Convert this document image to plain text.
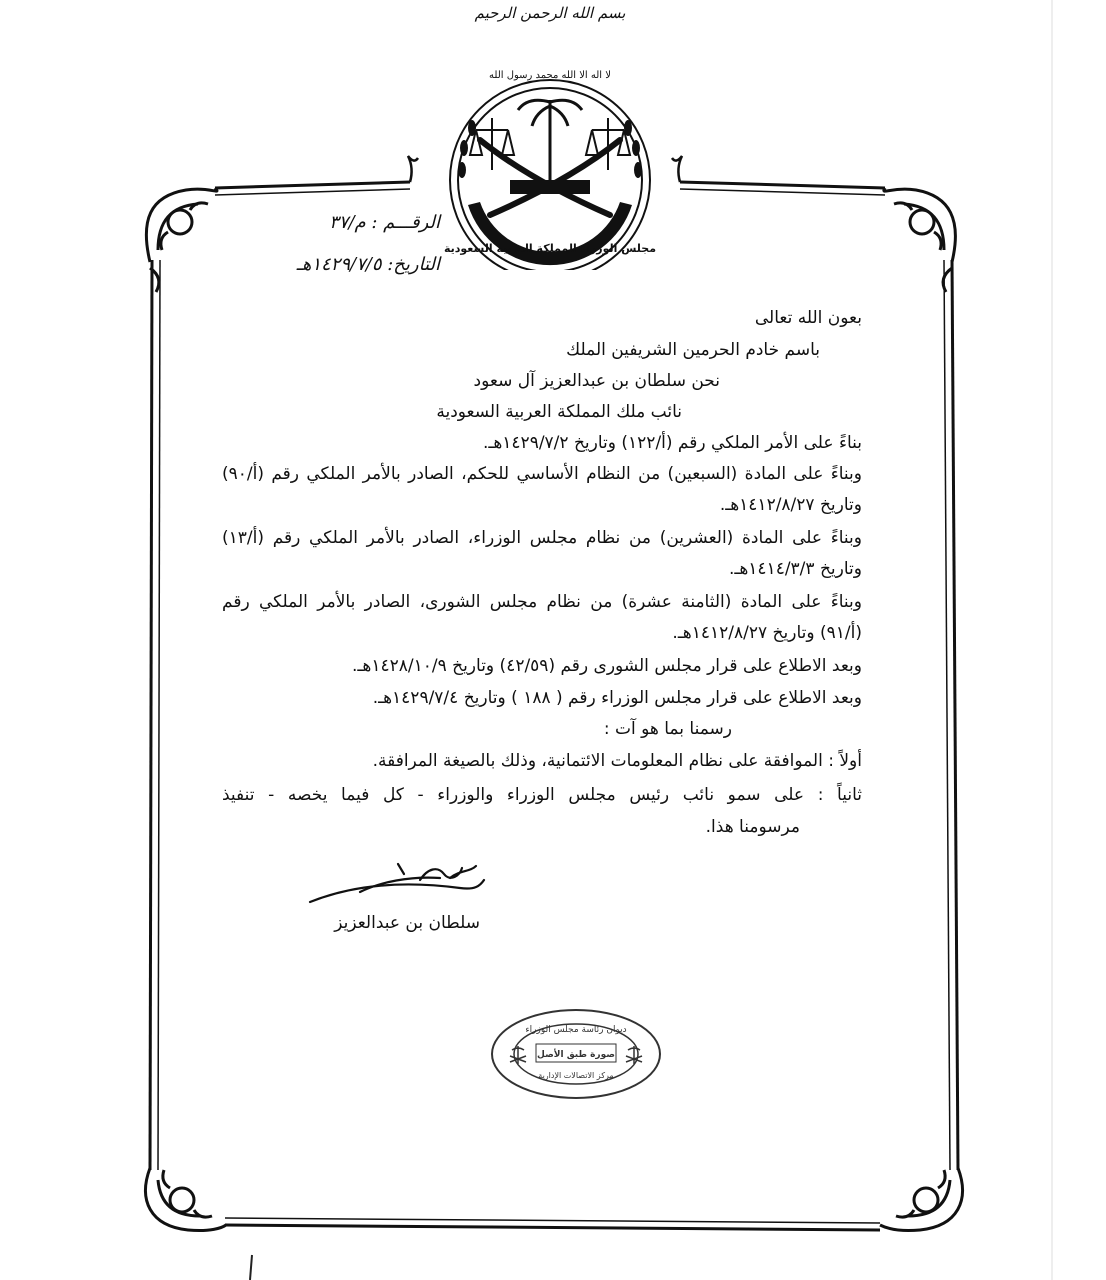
بسم الله الرحمن الرحيم
لا اله الا الله محمد رسول الله
مجلس الوزراء المملكة العربية السعودية
الرقـــم : م/٣٧
التاريخ: ١٤٢٩/٧/٥هـ
بعون الله تعالى
باسم خادم الحرمين الشريفين الملك
نحن سلطان بن عبدالعزيز آل سعود
نائب ملك المملكة العربية السعودية
بناءً على الأمر الملكي رقم (أ/١٢٢) وتاريخ ١٤٢٩/٧/٢هـ.
وبناءً على المادة (السبعين) من النظام الأساسي للحكم، الصادر بالأمر الملكي رقم (أ/٩٠)
وتاريخ ١٤١٢/٨/٢٧هـ.
وبناءً على المادة (العشرين) من نظام مجلس الوزراء، الصادر بالأمر الملكي رقم (أ/١٣)
وتاريخ ١٤١٤/٣/٣هـ.
وبناءً على المادة (الثامنة عشرة) من نظام مجلس الشورى، الصادر بالأمر الملكي رقم
(أ/٩١) وتاريخ ١٤١٢/٨/٢٧هـ.
وبعد الاطلاع على قرار مجلس الشورى رقم (٤٢/٥٩) وتاريخ ١٤٢٨/١٠/٩هـ.
وبعد الاطلاع على قرار مجلس الوزراء رقم ( ١٨٨ ) وتاريخ ١٤٢٩/٧/٤هـ.
رسمنا بما هو آت :
أولاً : الموافقة على نظام المعلومات الائتمانية، وذلك بالصيغة المرافقة.
ثانياً : على سمو نائب رئيس مجلس الوزراء والوزراء - كل فيما يخصه - تنفيذ
مرسومنا هذا.
سلطان بن عبدالعزيز
ديوان رئاسة مجلس الوزراء
صورة طبق الأصل
مركز الاتصالات الإدارية
